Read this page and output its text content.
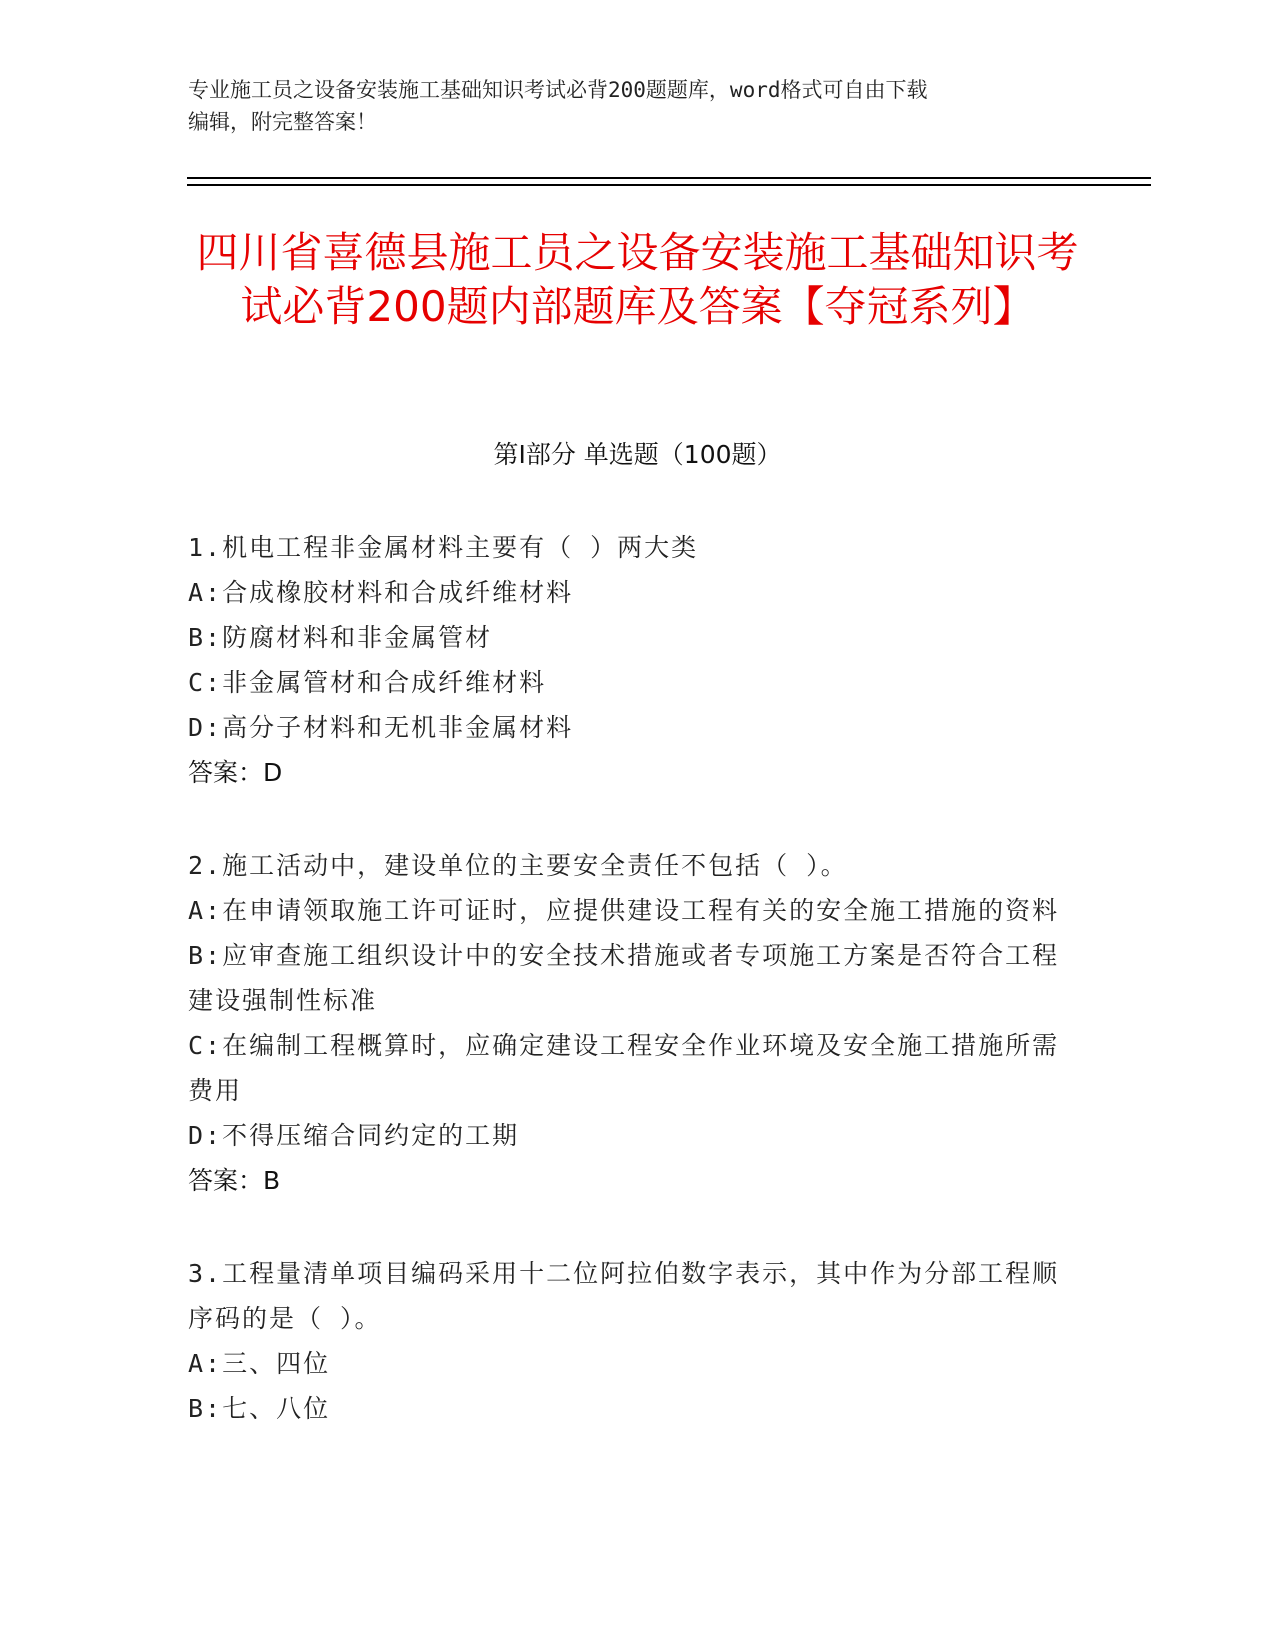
专业施工员之设备安装施工基础知识考试必背200题题库，word格式可自由下载
编辑，附完整答案！
四川省喜德县施工员之设备安装施工基础知识考试必背200题内部题库及答案【夺冠系列】
第I部分 单选题（100题）

1.机电工程非金属材料主要有（ ）两大类

A:合成橡胶材料和合成纤维材料

B:防腐材料和非金属管材

C:非金属管材和合成纤维材料

D:高分子材料和无机非金属材料

答案：D

2.施工活动中，建设单位的主要安全责任不包括（ ）。

A:在申请领取施工许可证时，应提供建设工程有关的安全施工措施的资料

B:应审查施工组织设计中的安全技术措施或者专项施工方案是否符合工程建设强制性标准

C:在编制工程概算时，应确定建设工程安全作业环境及安全施工措施所需费用

D:不得压缩合同约定的工期

答案：B

3.工程量清单项目编码采用十二位阿拉伯数字表示，其中作为分部工程顺序码的是（ ）。

A:三、四位

B:七、八位
